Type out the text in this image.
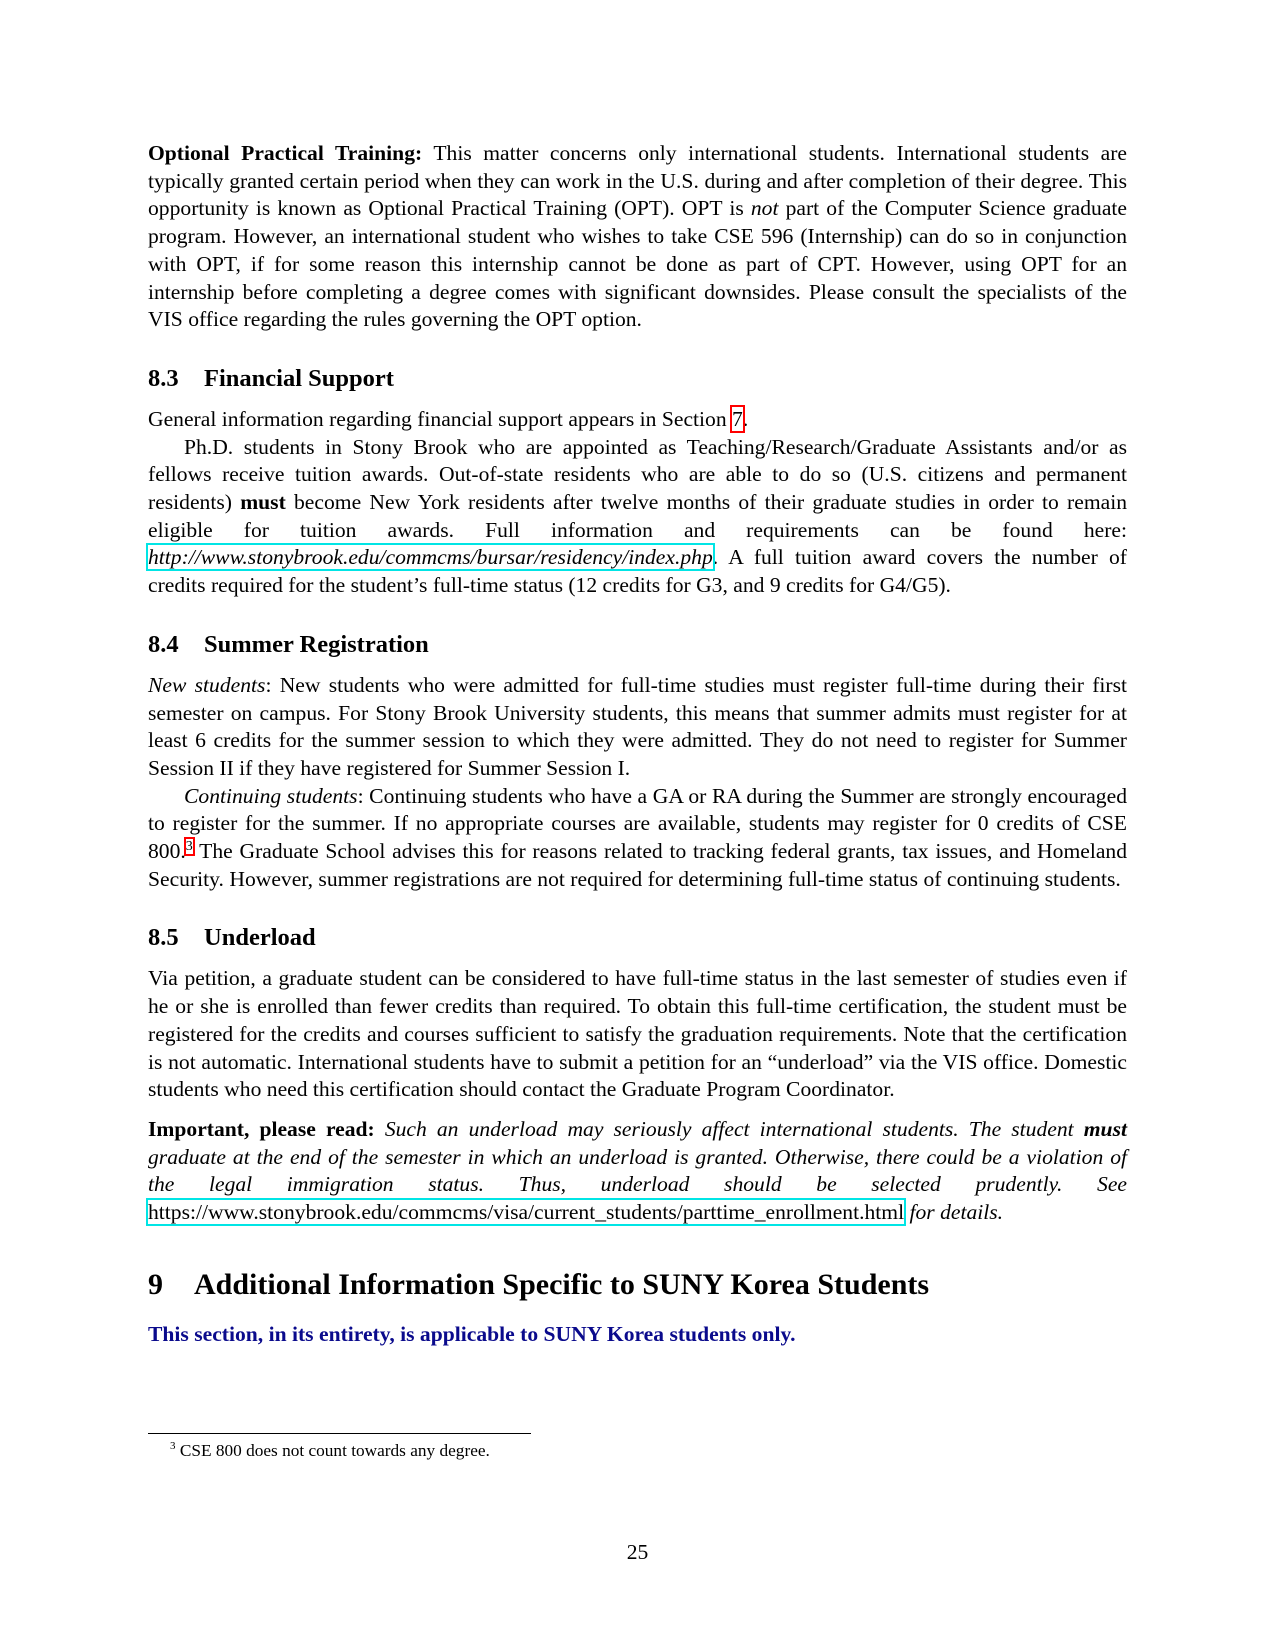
Optional Practical Training: This matter concerns only international students. International students are typically granted certain period when they can work in the U.S. during and after completion of their degree. This opportunity is known as Optional Practical Training (OPT). OPT is not part of the Computer Science graduate program. However, an international student who wishes to take CSE 596 (Internship) can do so in conjunction with OPT, if for some reason this internship cannot be done as part of CPT. However, using OPT for an internship before completing a degree comes with significant downsides. Please consult the specialists of the VIS office regarding the rules governing the OPT option.

8.3 Financial Support

General information regarding financial support appears in Section 7.

Ph.D. students in Stony Brook who are appointed as Teaching/Research/Graduate Assistants and/or as fellows receive tuition awards. Out-of-state residents who are able to do so (U.S. citizens and permanent residents) must become New York residents after twelve months of their graduate studies in order to remain eligible for tuition awards. Full information and requirements can be found here: http://www.stonybrook.edu/commcms/bursar/residency/index.php. A full tuition award covers the number of credits required for the student’s full-time status (12 credits for G3, and 9 credits for G4/G5).

8.4 Summer Registration

New students: New students who were admitted for full-time studies must register full-time during their first semester on campus. For Stony Brook University students, this means that summer admits must register for at least 6 credits for the summer session to which they were admitted. They do not need to register for Summer Session II if they have registered for Summer Session I.

Continuing students: Continuing students who have a GA or RA during the Summer are strongly encouraged to register for the summer. If no appropriate courses are available, students may register for 0 credits of CSE 800.$^3$ The Graduate School advises this for reasons related to tracking federal grants, tax issues, and Homeland Security. However, summer registrations are not required for determining full-time status of continuing students.

8.5 Underload

Via petition, a graduate student can be considered to have full-time status in the last semester of studies even if he or she is enrolled than fewer credits than required. To obtain this full-time certification, the student must be registered for the credits and courses sufficient to satisfy the graduation requirements. Note that the certification is not automatic. International students have to submit a petition for an “underload” via the VIS office. Domestic students who need this certification should contact the Graduate Program Coordinator.

Important, please read: Such an underload may seriously affect international students. The student must graduate at the end of the semester in which an underload is granted. Otherwise, there could be a violation of the legal immigration status. Thus, underload should be selected prudently. See https://www.stonybrook.edu/commcms/visa/current_students/parttime_enrollment.html for details.

9 Additional Information Specific to SUNY Korea Students

This section, in its entirety, is applicable to SUNY Korea students only.

$^3$ CSE 800 does not count towards any degree.
25
